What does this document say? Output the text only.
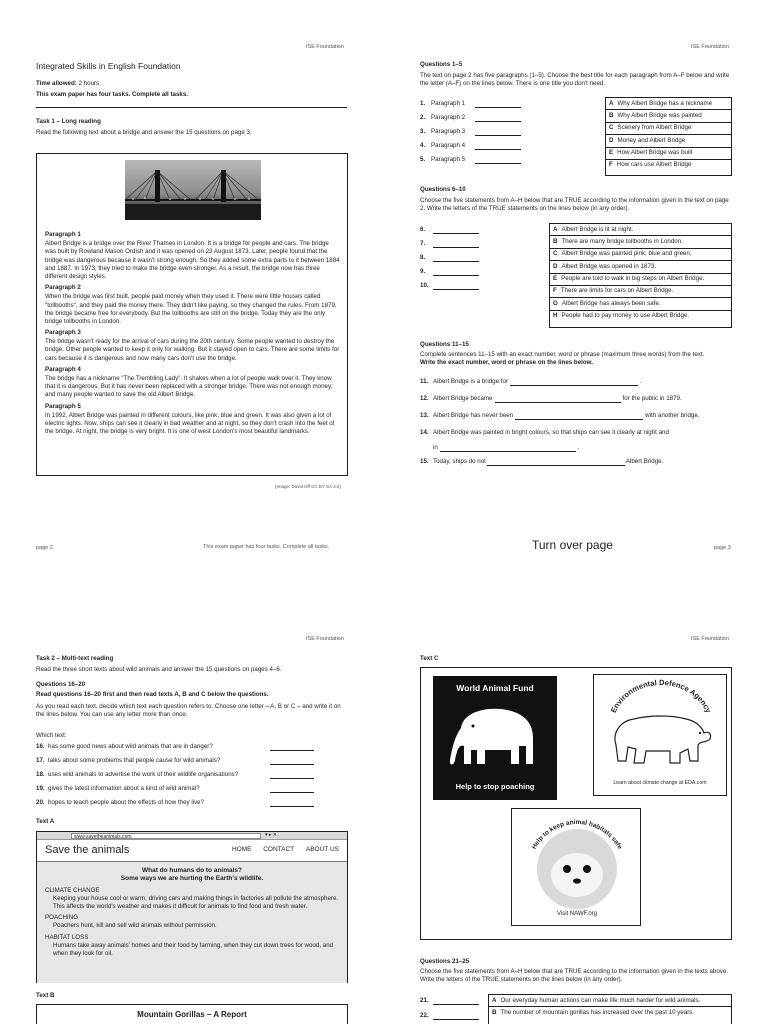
ISE Foundation
Integrated Skills in English Foundation
Time allowed: 2 hours
This exam paper has four tasks. Complete all tasks.
Task 1 – Long reading
Read the following text about a bridge and answer the 15 questions on page 3.
Paragraph 1
Albert Bridge is a bridge over the River Thames in London. It is a bridge for people and cars. The bridge was built by Rowland Mason Ordish and it was opened on 23 August 1873. Later, people found that the bridge was dangerous because it wasn't strong enough. So they added some extra parts to it between 1884 and 1887. In 1973, they tried to make the bridge even stronger. As a result, the bridge now has three different design styles.
Paragraph 2
When the bridge was first built, people paid money when they used it. There were little houses called "tollbooths", and they paid the money there. They didn't like paying, so they changed the rules. From 1879, the bridge became free for everybody. But the tollbooths are still on the bridge. Today they are the only bridge tollbooths in London.
Paragraph 3
The bridge wasn't ready for the arrival of cars during the 20th century. Some people wanted to destroy the bridge. Other people wanted to keep it only for walking. But it stayed open to cars. There are some limits for cars because it is dangerous and now many cars don't use the bridge.
Paragraph 4
The bridge has a nickname "The Trembling Lady". It shakes when a lot of people walk over it. They know that it is dangerous. But it has never been replaced with a stronger bridge. There was not enough money, and many people wanted to save the old Albert Bridge.
Paragraph 5
In 1992, Albert Bridge was painted in different colours, like pink, blue and green. It was also given a lot of electric lights. Now, ships can see it clearly in bad weather and at night, so they don't crash into the feet of the bridge. At night, the bridge is very bright. It is one of west London's most beautiful landmarks.
(Image: David Iliff CC BY SA 3.0)
page 2	This exam paper has four tasks. Complete all tasks.
ISE Foundation
Questions 1–5
The text on page 2 has five paragraphs (1–5). Choose the best title for each paragraph from A–F below and write the letter (A–F) on the lines below. There is one title you don't need.
1. Paragraph 1
2. Paragraph 2
3. Paragraph 3
4. Paragraph 4
5. Paragraph 5
A Why Albert Bridge has a nickname
B Why Albert Bridge was painted
C Scenery from Albert Bridge
D Money and Albert Bridge
E How Albert Bridge was built
F How cars use Albert Bridge
Questions 6–10
Choose the five statements from A–H below that are TRUE according to the information given in the text on page 2. Write the letters of the TRUE statements on the lines below (in any order).
6.
7.
8.
9.
10.
A Albert Bridge is lit at night.
B There are many bridge tollbooths in London.
C Albert Bridge was painted pink, blue and green.
D Albert Bridge was opened in 1873.
E People are told to walk in big steps on Albert Bridge.
F There are limits for cars on Albert Bridge.
G Albert Bridge has always been safe.
H People had to pay money to use Albert Bridge.
Questions 11–15
Complete sentences 11–15 with an exact number, word or phrase (maximum three words) from the text.
Write the exact number, word or phrase on the lines below.
11. Albert Bridge is a bridge for	.
12. Albert Bridge became	for the public in 1879.
13. Albert Bridge has never been	with another bridge.
14. Albert Bridge was painted in bright colours, so that ships can see it clearly at night and
in	.
15. Today, ships do not	Albert Bridge.
Turn over page	page 3
ISE Foundation
Task 2 – Multi-text reading
Read the three short texts about wild animals and answer the 15 questions on pages 4–6.
Questions 16–20
Read questions 16–20 first and then read texts A, B and C below the questions.
As you read each text, decide which text each question refers to. Choose one letter – A, B or C – and write it on the lines below. You can use any letter more than once.
Which text:
16. has some good news about wild animals that are in danger?
17. talks about some problems that people cause for wild animals?
18. uses wild animals to advertise the work of their wildlife organisations?
19. gives the latest information about a kind of wild animal?
20. hopes to teach people about the effects of how they live?
Text A
www.savetheanimals.com	▾ ▸ ✕
Save the animals	HOME CONTACT ABOUT US
What do humans do to animals?
Some ways we are hurting the Earth's wildlife.
CLIMATE CHANGE
Keeping your house cool or warm, driving cars and making things in factories all pollute the atmosphere. This affects the world's weather and makes it difficult for animals to find food and fresh water.
POACHING
Poachers hunt, kill and sell wild animals without permission.
HABITAT LOSS
Humans take away animals' homes and their food by farming, when they cut down trees for wood, and when they look for oil.
Text B
Mountain Gorillas – A Report
ISE Foundation
Text C
World Animal Fund
Help to stop poaching
Environmental Defence Agency
Learn about climate change at EDA.com
Help to keep animal habitats safe
Visit NAWF.org
Questions 21–25
Choose the five statements from A–H below that are TRUE according to the information given in the texts above. Write the letters of the TRUE statements on the lines below (in any order).
21.
22.
A Our everyday human actions can make life much harder for wild animals.
B The number of mountain gorillas has increased over the past 10 years.
